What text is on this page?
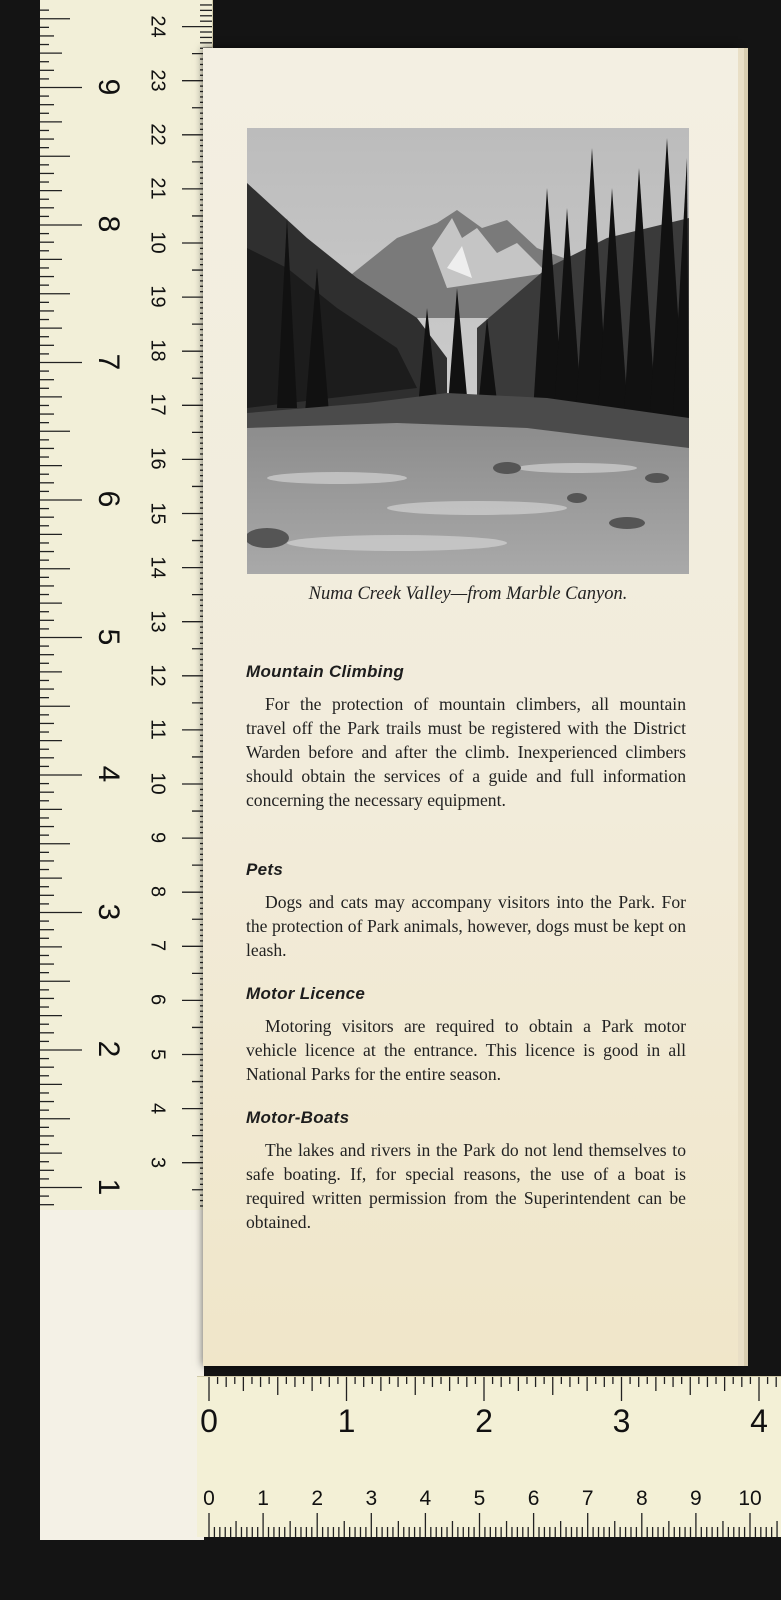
1
2
3
4
5
6
7
8
9
3
4
5
6
7
8
9
10
11
12
13
14
15
16
17
18
19
10
21
22
23
24
Numa Creek Valley—from Marble Canyon.
Mountain Climbing
For the protection of mountain climbers, all mountain travel off the Park trails must be registered with the District Warden before and after the climb. Inexperienced climbers should obtain the services of a guide and full information concerning the necessary equipment.
Pets
Dogs and cats may accompany visitors into the Park. For the protection of Park animals, however, dogs must be kept on leash.
Motor Licence
Motoring visitors are required to obtain a Park motor vehicle licence at the entrance. This licence is good in all National Parks for the entire season.
Motor-Boats
The lakes and rivers in the Park do not lend themselves to safe boating. If, for special reasons, the use of a boat is required written permission from the Superintendent can be obtained.
0	1	2	3	4
0	1	2	3	4	5	6	7	8	9	10
